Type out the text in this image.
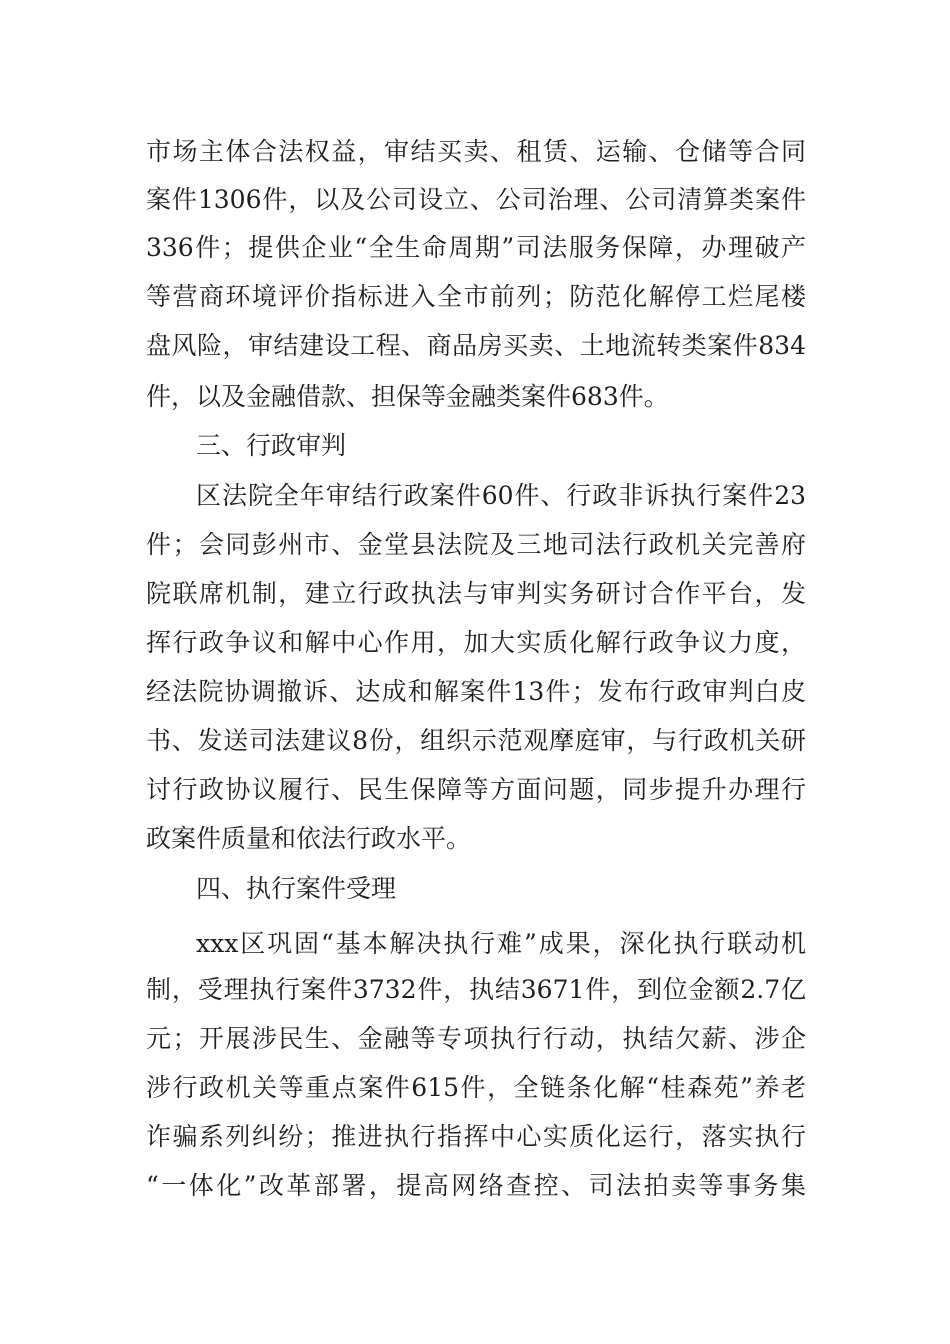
市场主体合法权益，审结买卖、租赁、运输、仓储等合同
案件1306件，以及公司设立、公司治理、公司清算类案件
336件；提供企业“全生命周期”司法服务保障，办理破产
等营商环境评价指标进入全市前列；防范化解停工烂尾楼
盘风险，审结建设工程、商品房买卖、土地流转类案件834
件，以及金融借款、担保等金融类案件683件。
三、行政审判
区法院全年审结行政案件60件、行政非诉执行案件23
件；会同彭州市、金堂县法院及三地司法行政机关完善府
院联席机制，建立行政执法与审判实务研讨合作平台，发
挥行政争议和解中心作用，加大实质化解行政争议力度，
经法院协调撤诉、达成和解案件13件；发布行政审判白皮
书、发送司法建议8份，组织示范观摩庭审，与行政机关研
讨行政协议履行、民生保障等方面问题，同步提升办理行
政案件质量和依法行政水平。
四、执行案件受理
xxx区巩固“基本解决执行难”成果，深化执行联动机
制，受理执行案件3732件，执结3671件，到位金额2.7亿
元；开展涉民生、金融等专项执行行动，执结欠薪、涉企
涉行政机关等重点案件615件，全链条化解“桂森苑”养老
诈骗系列纠纷；推进执行指挥中心实质化运行，落实执行
“一体化”改革部署，提高网络查控、司法拍卖等事务集
